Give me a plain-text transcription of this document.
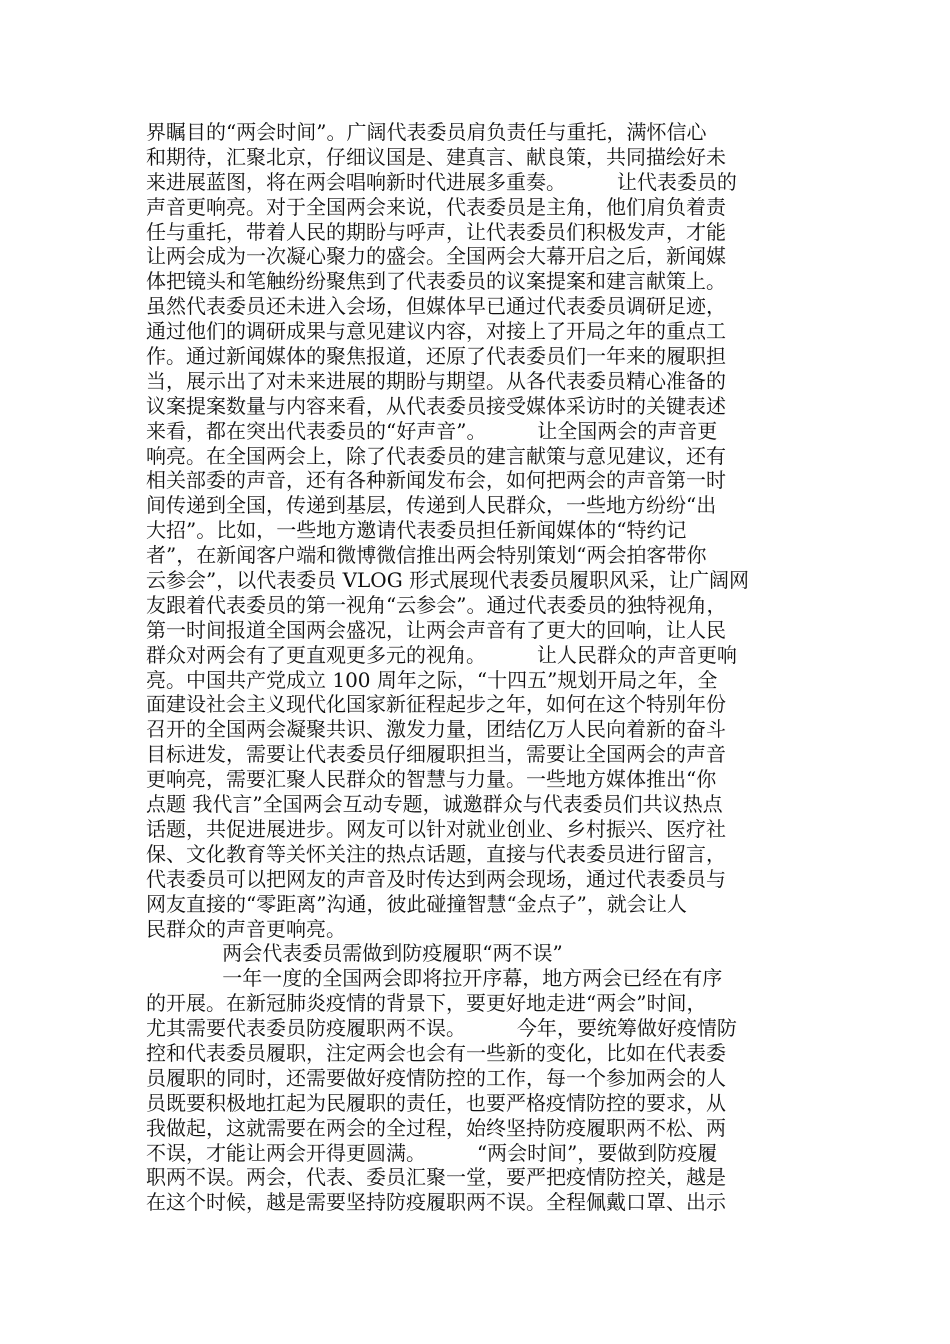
界瞩目的“两会时间”。广阔代表委员肩负责任与重托，满怀信心
和期待，汇聚北京，仔细议国是、建真言、献良策，共同描绘好未
来进展蓝图，将在两会唱响新时代进展多重奏。        让代表委员的
声音更响亮。对于全国两会来说，代表委员是主角，他们肩负着责
任与重托，带着人民的期盼与呼声，让代表委员们积极发声，才能
让两会成为一次凝心聚力的盛会。全国两会大幕开启之后，新闻媒
体把镜头和笔触纷纷聚焦到了代表委员的议案提案和建言献策上。
虽然代表委员还未进入会场，但媒体早已通过代表委员调研足迹，
通过他们的调研成果与意见建议内容，对接上了开局之年的重点工
作。通过新闻媒体的聚焦报道，还原了代表委员们一年来的履职担
当，展示出了对未来进展的期盼与期望。从各代表委员精心准备的
议案提案数量与内容来看，从代表委员接受媒体采访时的关键表述
来看，都在突出代表委员的“好声音”。        让全国两会的声音更
响亮。在全国两会上，除了代表委员的建言献策与意见建议，还有
相关部委的声音，还有各种新闻发布会，如何把两会的声音第一时
间传递到全国，传递到基层，传递到人民群众，一些地方纷纷“出
大招”。比如，一些地方邀请代表委员担任新闻媒体的“特约记
者”，在新闻客户端和微博微信推出两会特别策划“两会拍客带你
云参会”，以代表委员 VLOG 形式展现代表委员履职风采，让广阔网
友跟着代表委员的第一视角“云参会”。通过代表委员的独特视角，
第一时间报道全国两会盛况，让两会声音有了更大的回响，让人民
群众对两会有了更直观更多元的视角。        让人民群众的声音更响
亮。中国共产党成立 100 周年之际，“十四五”规划开局之年，全
面建设社会主义现代化国家新征程起步之年，如何在这个特别年份
召开的全国两会凝聚共识、激发力量，团结亿万人民向着新的奋斗
目标进发，需要让代表委员仔细履职担当，需要让全国两会的声音
更响亮，需要汇聚人民群众的智慧与力量。一些地方媒体推出“你
点题 我代言”全国两会互动专题，诚邀群众与代表委员们共议热点
话题，共促进展进步。网友可以针对就业创业、乡村振兴、医疗社
保、文化教育等关怀关注的热点话题，直接与代表委员进行留言，
代表委员可以把网友的声音及时传达到两会现场，通过代表委员与
网友直接的“零距离”沟通，彼此碰撞智慧“金点子”，就会让人
民群众的声音更响亮。
两会代表委员需做到防疫履职“两不误”
一年一度的全国两会即将拉开序幕，地方两会已经在有序
的开展。在新冠肺炎疫情的背景下，要更好地走进“两会”时间，
尤其需要代表委员防疫履职两不误。        今年，要统筹做好疫情防
控和代表委员履职，注定两会也会有一些新的变化，比如在代表委
员履职的同时，还需要做好疫情防控的工作，每一个参加两会的人
员既要积极地扛起为民履职的责任，也要严格疫情防控的要求，从
我做起，这就需要在两会的全过程，始终坚持防疫履职两不松、两
不误，才能让两会开得更圆满。        “两会时间”，要做到防疫履
职两不误。两会，代表、委员汇聚一堂，要严把疫情防控关，越是
在这个时候，越是需要坚持防疫履职两不误。全程佩戴口罩、出示
